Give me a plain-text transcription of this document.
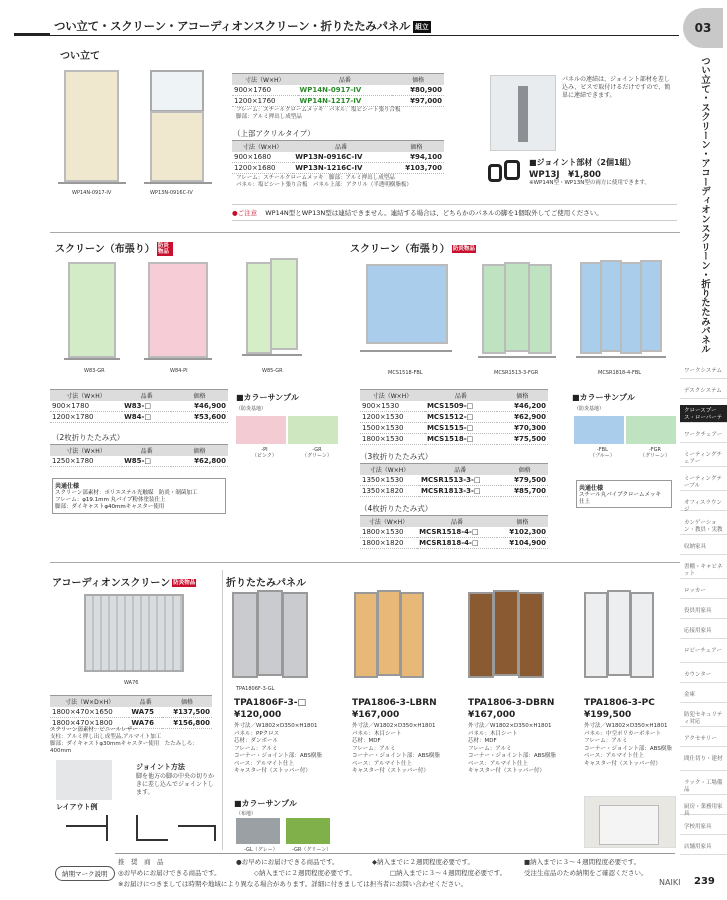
つい立て・スクリーン・アコーディオンスクリーン・折りたたみパネル 組立	03
つい立て・スクリーン・アコーディオンスクリーン・折りたたみパネル
ワークシステム
デスクシステム
クロースプース・ローパーティション
ワークチェアー
ミーティングチェアー
ミーティングテーブル
オフィスラウンジ
カンゲーション・教員・実教
収納家具
書棚・キャビネット
ロッカー
役員用家具
応接用家具
ロビーチェアー
カウンター
金庫
防犯セキュリティ対応
アクセサリー
間仕切り・建材
ラック・工場備品
厨房・業務用家具
学校用家具
店舗用家具
つい立て
WP14N-0917-IV	WP13N-0916C-IV
寸法（W×H）	品番	価格
900×1760	WP14N-0917-IV	¥80,900
1200×1760	WP14N-1217-IV	¥97,000
フレーム：スチールクロームメッキ　パネル：塩ビシート張り合板
脚部：アルミ押出し成型品
（上部アクリルタイプ）
寸法（W×H）	品番	価格
900×1680	WP13N-0916C-IV	¥94,100
1200×1680	WP13N-1216C-IV	¥103,700
フレーム：スチールクロームメッキ　脚部：アルミ押出し成型品
パネル：塩ビシート張り合板　パネル上部：アクリル（半透明樹脂板）
パネルの連結は、ジョイント部材を差し込み、ビスで取付けるだけですので、簡単に連結できます。
■ジョイント部材（2個1組）
WP13J　 ¥1,800
※WP14N型・WP13N型の両方に使用できます。
●ご注意 WP14N型とWP13N型は連結できません。連結する場合は、どちらかのパネルの脚を1個取外してご使用ください。
スクリーン（布張り） 防炎物品
W83-GR	W84-PI	W85-GR
寸法（W×H）	品番	価格
900×1780	W83-□	¥46,900
1200×1780	W84-□	¥53,600
（2枚折りたたみ式）
寸法（W×H）	品番	価格
1250×1780	W85-□	¥62,800
共通仕様
スクリーン部素材：ポリエステル光触媒　防炎・制菌加工
フレーム：φ19.1mm 丸パイプ粉体塗装仕上
脚部：ダイキャストφ40mmキャスター使用
■カラーサンプル
（防炎基地）
-PI
（ピンク）
-GR
（グリーン）
スクリーン（布張り） 防炎物品
MCS1518-FBL	MCSR1513-3-FGR	MCSR1818-4-FBL
寸法（W×H）	品番	価格
900×1530	MCS1509-□	¥46,200
1200×1530	MCS1512-□	¥62,900
1500×1530	MCS1515-□	¥70,300
1800×1530	MCS1518-□	¥75,500
（3枚折りたたみ式）
寸法（W×H）	品番	価格
1350×1530	MCSR1513-3-□	¥79,500
1350×1820	MCSR1813-3-□	¥85,700
（4枚折りたたみ式）
寸法（W×H）	品番	価格
1800×1530	MCSR1518-4-□	¥102,300
1800×1820	MCSR1818-4-□	¥104,900
■カラーサンプル
（防炎基地）
-FBL
（ブルー）
-FGR
（グリーン）
共通仕様
スチール丸パイプクロームメッキ
仕上
アコーディオンスクリーン 防炎物品
WA76
寸法（W×D×H）	品番	価格
1800×470×1650	WA75	¥137,500
1800×470×1800	WA76	¥156,800
スクリーン部素材：ビニールレザー
支柱：アルミ押し出し成型品,アルマイト加工
脚部：ダイキャストφ30mmキャスター使用　たたみしろ：400mm
ジョイント方法
脚を他方の脚の中央の切りかきに差し込んでジョイントします。
レイアウト例
折りたたみパネル
TPA1806F-3-GL
TPA1806F-3-□
¥120,000
外寸法／W1802×D350×H1801
パネル：PPクロス
芯材：ダンボール
フレーム：アルミ
コーナー・ジョイント部：ABS樹脂
ベース：アルマイト仕上
キャスター付（ストッパー付）
TPA1806-3-LBRN
¥167,000
外寸法／W1802×D350×H1801
パネル：木目シート
芯材：MDF
フレーム：アルミ
コーナー・ジョイント部：ABS樹脂
ベース：アルマイト仕上
キャスター付（ストッパー付）
TPA1806-3-DBRN
¥167,000
外寸法／W1802×D350×H1801
パネル：木目シート
芯材：MDF
フレーム：アルミ
コーナー・ジョイント部：ABS樹脂
ベース：アルマイト仕上
キャスター付（ストッパー付）
TPA1806-3-PC
¥199,500
外寸法／W1802×D350×H1801
パネル：中空ポリカーボネート
フレーム：アルミ
コーナー・ジョイント部：ABS樹脂
ベース：アルマイト仕上
キャスター付（ストッパー付）
■カラーサンプル
（布地）
-GL（グレー）	-GR（グリーン）
納期マーク説明
推　奨　商　品	●お早めにお届けできる商品です。	◆納入までに２週間程度必要です。	■納入までに３～４週間程度必要です。
◎お早めにお届けできる商品です。	◇納入までに２週間程度必要です。	□納入までに３～４週間程度必要です。	受注生産品のため納期をご確認ください。
※お届けにつきましては時期や地域により異なる場合があります。詳細に付きましては担当者にお問い合わせください。	NAIKI 239
